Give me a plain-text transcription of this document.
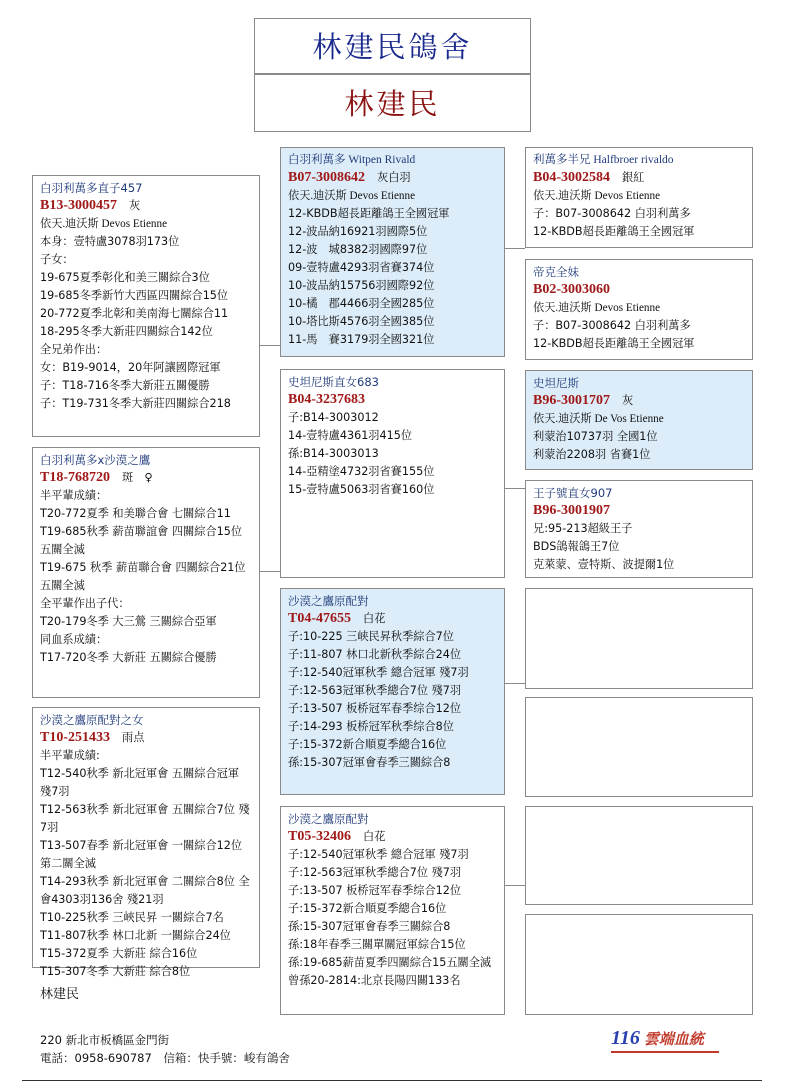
林建民鴿舍
林建民
白羽利萬多直子457
B13-3000457 灰
依天.迪沃斯 Devos Etienne
本身：壹特盧3078羽173位
子女：
19-675夏季彰化和美三關綜合3位
19-685冬季新竹大西區四關綜合15位
20-772夏季北彰和美南海七關綜合11
18-295冬季大新莊四關綜合142位
全兄弟作出：
女：B19-9014，20年阿讓國際冠軍
子：T18-716冬季大新莊五關優勝
子：T19-731冬季大新莊四關綜合218
白羽利萬多 Witpen Rivald
B07-3008642 灰白羽
依天.迪沃斯 Devos Etienne
12-KBDB超長距離鴿王全國冠軍
12-波品納16921羽國際5位
12-波　城8382羽國際97位
09-壹特盧4293羽省賽374位
10-波品納15756羽國際92位
10-橘　郡4466羽全國285位
10-塔比斯4576羽全國385位
11-馬　賽3179羽全國321位
利萬多半兄 Halfbroer rivaldo
B04-3002584 銀紅
依天.迪沃斯 Devos Etienne
子：B07-3008642 白羽利萬多
12-KBDB超長距離鴿王全國冠軍
帝克全妹
B02-3003060
依天.迪沃斯 Devos Etienne
子：B07-3008642 白羽利萬多
12-KBDB超長距離鴿王全國冠軍
史坦尼斯直女683
B04-3237683
子:B14-3003012
14-壹特盧4361羽415位
孫:B14-3003013
14-亞精塗4732羽省賽155位
15-壹特盧5063羽省賽160位
史坦尼斯
B96-3001707 灰
依天.迪沃斯 De Vos Etienne
利蒙治10737羽 全國1位
利蒙治2208羽 省賽1位
王子號直女907
B96-3001907
兄:95-213超級王子
BDS鴿報鴿王7位
克萊蒙、壹特斯、波提爾1位
白羽利萬多x沙漠之鷹
T18-768720 斑　♀
半平輩成績：
T20-772夏季 和美聯合會 七關綜合11
T19-685秋季 薪苗聯誼會 四關綜合15位 五關全滅
T19-675 秋季 薪苗聯合會 四關綜合21位 五關全滅
全平輩作出子代：
T20-179冬季 大三鶯 三關綜合亞軍
同血系成績：
T17-720冬季 大新莊 五關綜合優勝
沙漠之鷹原配對
T04-47655 白花
子:10-225 三峡民昇秋季綜合7位
子:11-807 林口北新秋季綜合24位
子:12-540冠軍秋季 總合冠軍 殘7羽
子:12-563冠軍秋季總合7位 殘7羽
子:13-507 板桥冠军春季综合12位
子:14-293 板桥冠军秋季综合8位
子:15-372新合順夏季總合16位
孫:15-307冠軍會春季三關綜合8
沙漠之鷹原配對之女
T10-251433 雨点
半平輩成績:
T12-540秋季 新北冠軍會 五關綜合冠軍 殘7羽
T12-563秋季 新北冠軍會 五關綜合7位 殘7羽
T13-507春季 新北冠軍會 一關綜合12位 第二關全滅
T14-293秋季 新北冠軍會 二關綜合8位 全會4303羽136舍 殘21羽
T10-225秋季 三峽民昇 一關綜合7名
T11-807秋季 林口北新 一關綜合24位
T15-372夏季 大新莊 綜合16位
T15-307冬季 大新莊 綜合8位
沙漠之鷹原配對
T05-32406 白花
子:12-540冠軍秋季 總合冠軍 殘7羽
子:12-563冠軍秋季總合7位 殘7羽
子:13-507 板桥冠军春季综合12位
子:15-372新合順夏季總合16位
孫:15-307冠軍會春季三關綜合8
孫:18年春季三關單關冠軍綜合15位
孫:19-685薪苗夏季四關綜合15五關全滅 曾孫20-2814:北京長陽四關133名
林建民
220 新北市板橋區金門街
電話：0958-690787　信箱：快手號：峻有鴿舍
116 雲端血統
